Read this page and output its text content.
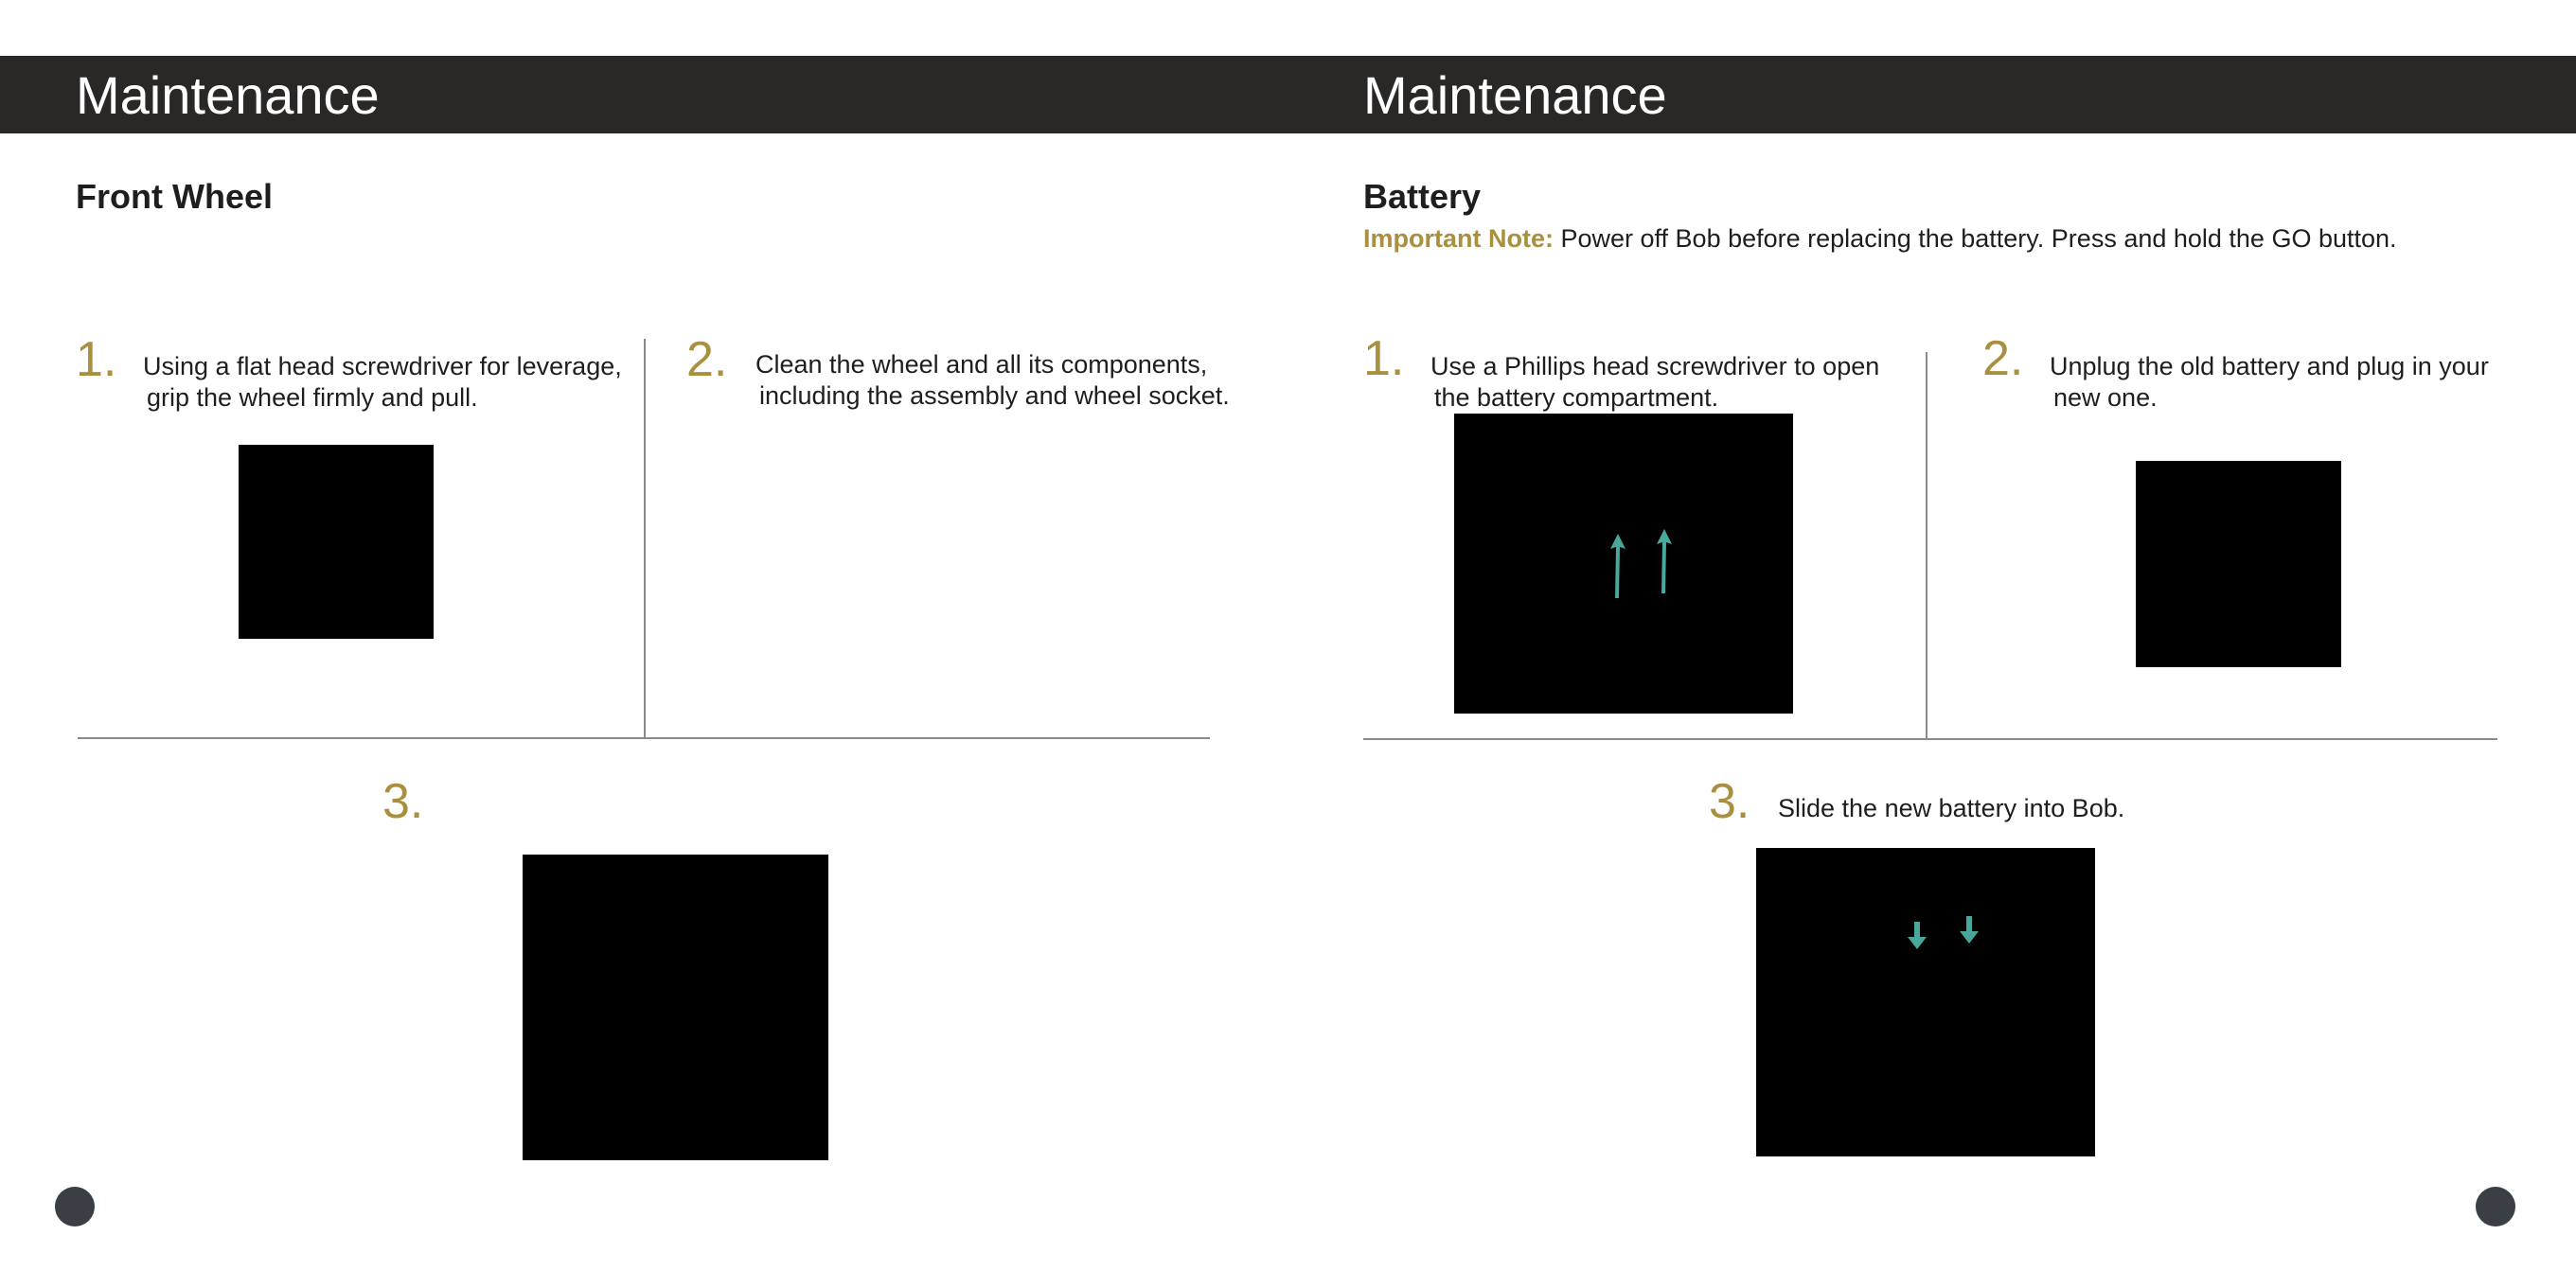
Maintenance	Maintenance
Front Wheel
1. Using a flat head screwdriver for leverage,
grip the wheel firmly and pull.
2. Clean the wheel and all its components,
including the assembly and wheel socket.
3.
Battery
Important Note: Power off Bob before replacing the battery. Press and hold the GO button.
1. Use a Phillips head screwdriver to open
the battery compartment.
2. Unplug the old battery and plug in your
new one.
3. Slide the new battery into Bob.
